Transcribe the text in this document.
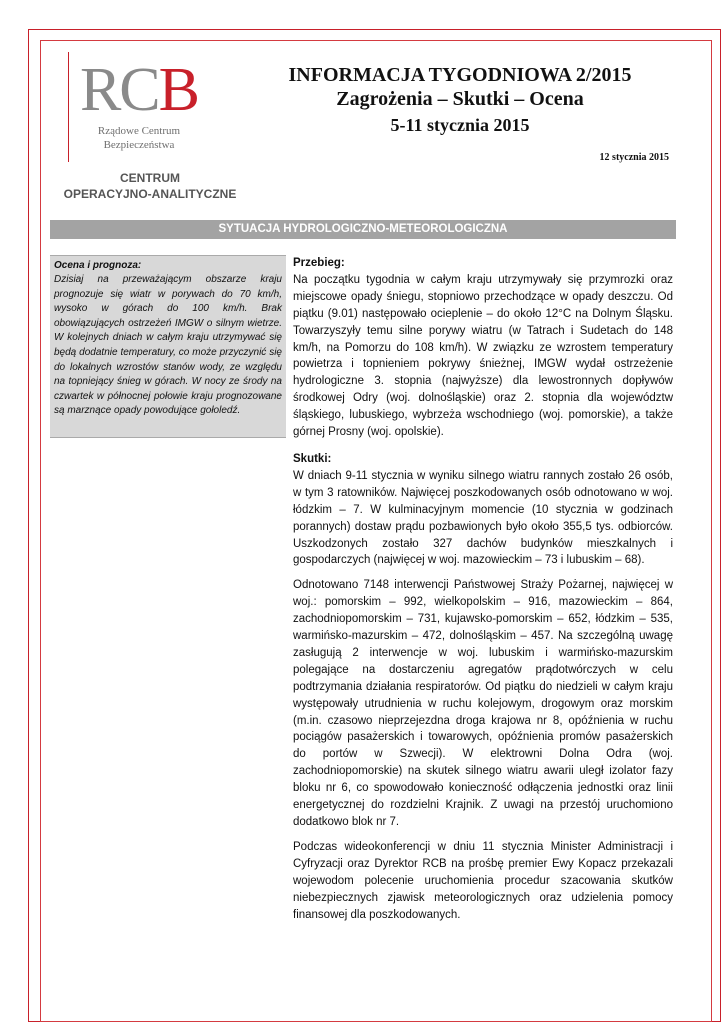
RCB
Rządowe Centrum
Bezpieczeństwa
CENTRUM
OPERACYJNO-ANALITYCZNE
INFORMACJA TYGODNIOWA 2/2015
Zagrożenia – Skutki – Ocena
5-11 stycznia 2015
12 stycznia 2015
SYTUACJA HYDROLOGICZNO-METEOROLOGICZNA
Ocena i prognoza:

Dzisiaj na przeważającym obszarze kraju prognozuje się wiatr w porywach do 70 km/h, wysoko w górach do 100 km/h. Brak obowiązujących ostrzeżeń IMGW o silnym wietrze. W kolejnych dniach w całym kraju utrzymywać się będą dodatnie temperatury, co może przyczynić się do lokalnych wzrostów stanów wody, ze względu na topniejący śnieg w górach. W nocy ze środy na czwartek w północnej połowie kraju prognozowane są marznące opady powodujące gołoledź.

Przebieg:

Na początku tygodnia w całym kraju utrzymywały się przymrozki oraz miejscowe opady śniegu, stopniowo przechodzące w opady deszczu. Od piątku (9.01) następowało ocieplenie – do około 12°C na Dolnym Śląsku. Towarzyszyły temu silne porywy wiatru (w Tatrach i Sudetach do 148 km/h, na Pomorzu do 108 km/h). W związku ze wzrostem temperatury powietrza i topnieniem pokrywy śnieżnej, IMGW wydał ostrzeżenie hydrologiczne 3. stopnia (najwyższe) dla lewostronnych dopływów środkowej Odry (woj. dolnośląskie) oraz 2. stopnia dla województw śląskiego, lubuskiego, wybrzeża wschodniego (woj. pomorskie), a także górnej Prosny (woj. opolskie).

Skutki:

W dniach 9-11 stycznia w wyniku silnego wiatru rannych zostało 26 osób, w tym 3 ratowników. Najwięcej poszkodowanych osób odnotowano w woj. łódzkim – 7. W kulminacyjnym momencie (10 stycznia w godzinach porannych) dostaw prądu pozbawionych było około 355,5 tys. odbiorców. Uszkodzonych zostało 327 dachów budynków mieszkalnych i gospodarczych (najwięcej w woj. mazowieckim – 73 i lubuskim – 68).

Odnotowano 7148 interwencji Państwowej Straży Pożarnej, najwięcej w woj.: pomorskim – 992, wielkopolskim – 916, mazowieckim – 864, zachodniopomorskim – 731, kujawsko-pomorskim – 652, łódzkim – 535, warmińsko-mazurskim – 472, dolnośląskim – 457. Na szczególną uwagę zasługują 2 interwencje w woj. lubuskim i warmińsko-mazurskim polegające na dostarczeniu agregatów prądotwórczych w celu podtrzymania działania respiratorów. Od piątku do niedzieli w całym kraju występowały utrudnienia w ruchu kolejowym, drogowym oraz morskim (m.in. czasowo nieprzejezdna droga krajowa nr 8, opóźnienia w ruchu pociągów pasażerskich i towarowych, opóźnienia promów pasażerskich do portów w Szwecji). W elektrowni Dolna Odra (woj. zachodniopomorskie) na skutek silnego wiatru awarii uległ izolator fazy bloku nr 6, co spowodowało konieczność odłączenia jednostki oraz linii energetycznej do rozdzielni Krajnik. Z uwagi na przestój uruchomiono dodatkowo blok nr 7.

Podczas wideokonferencji w dniu 11 stycznia Minister Administracji i Cyfryzacji oraz Dyrektor RCB na prośbę premier Ewy Kopacz przekazali wojewodom polecenie uruchomienia procedur szacowania skutków niebezpiecznych zjawisk meteorologicznych oraz udzielenia pomocy finansowej dla poszkodowanych.
